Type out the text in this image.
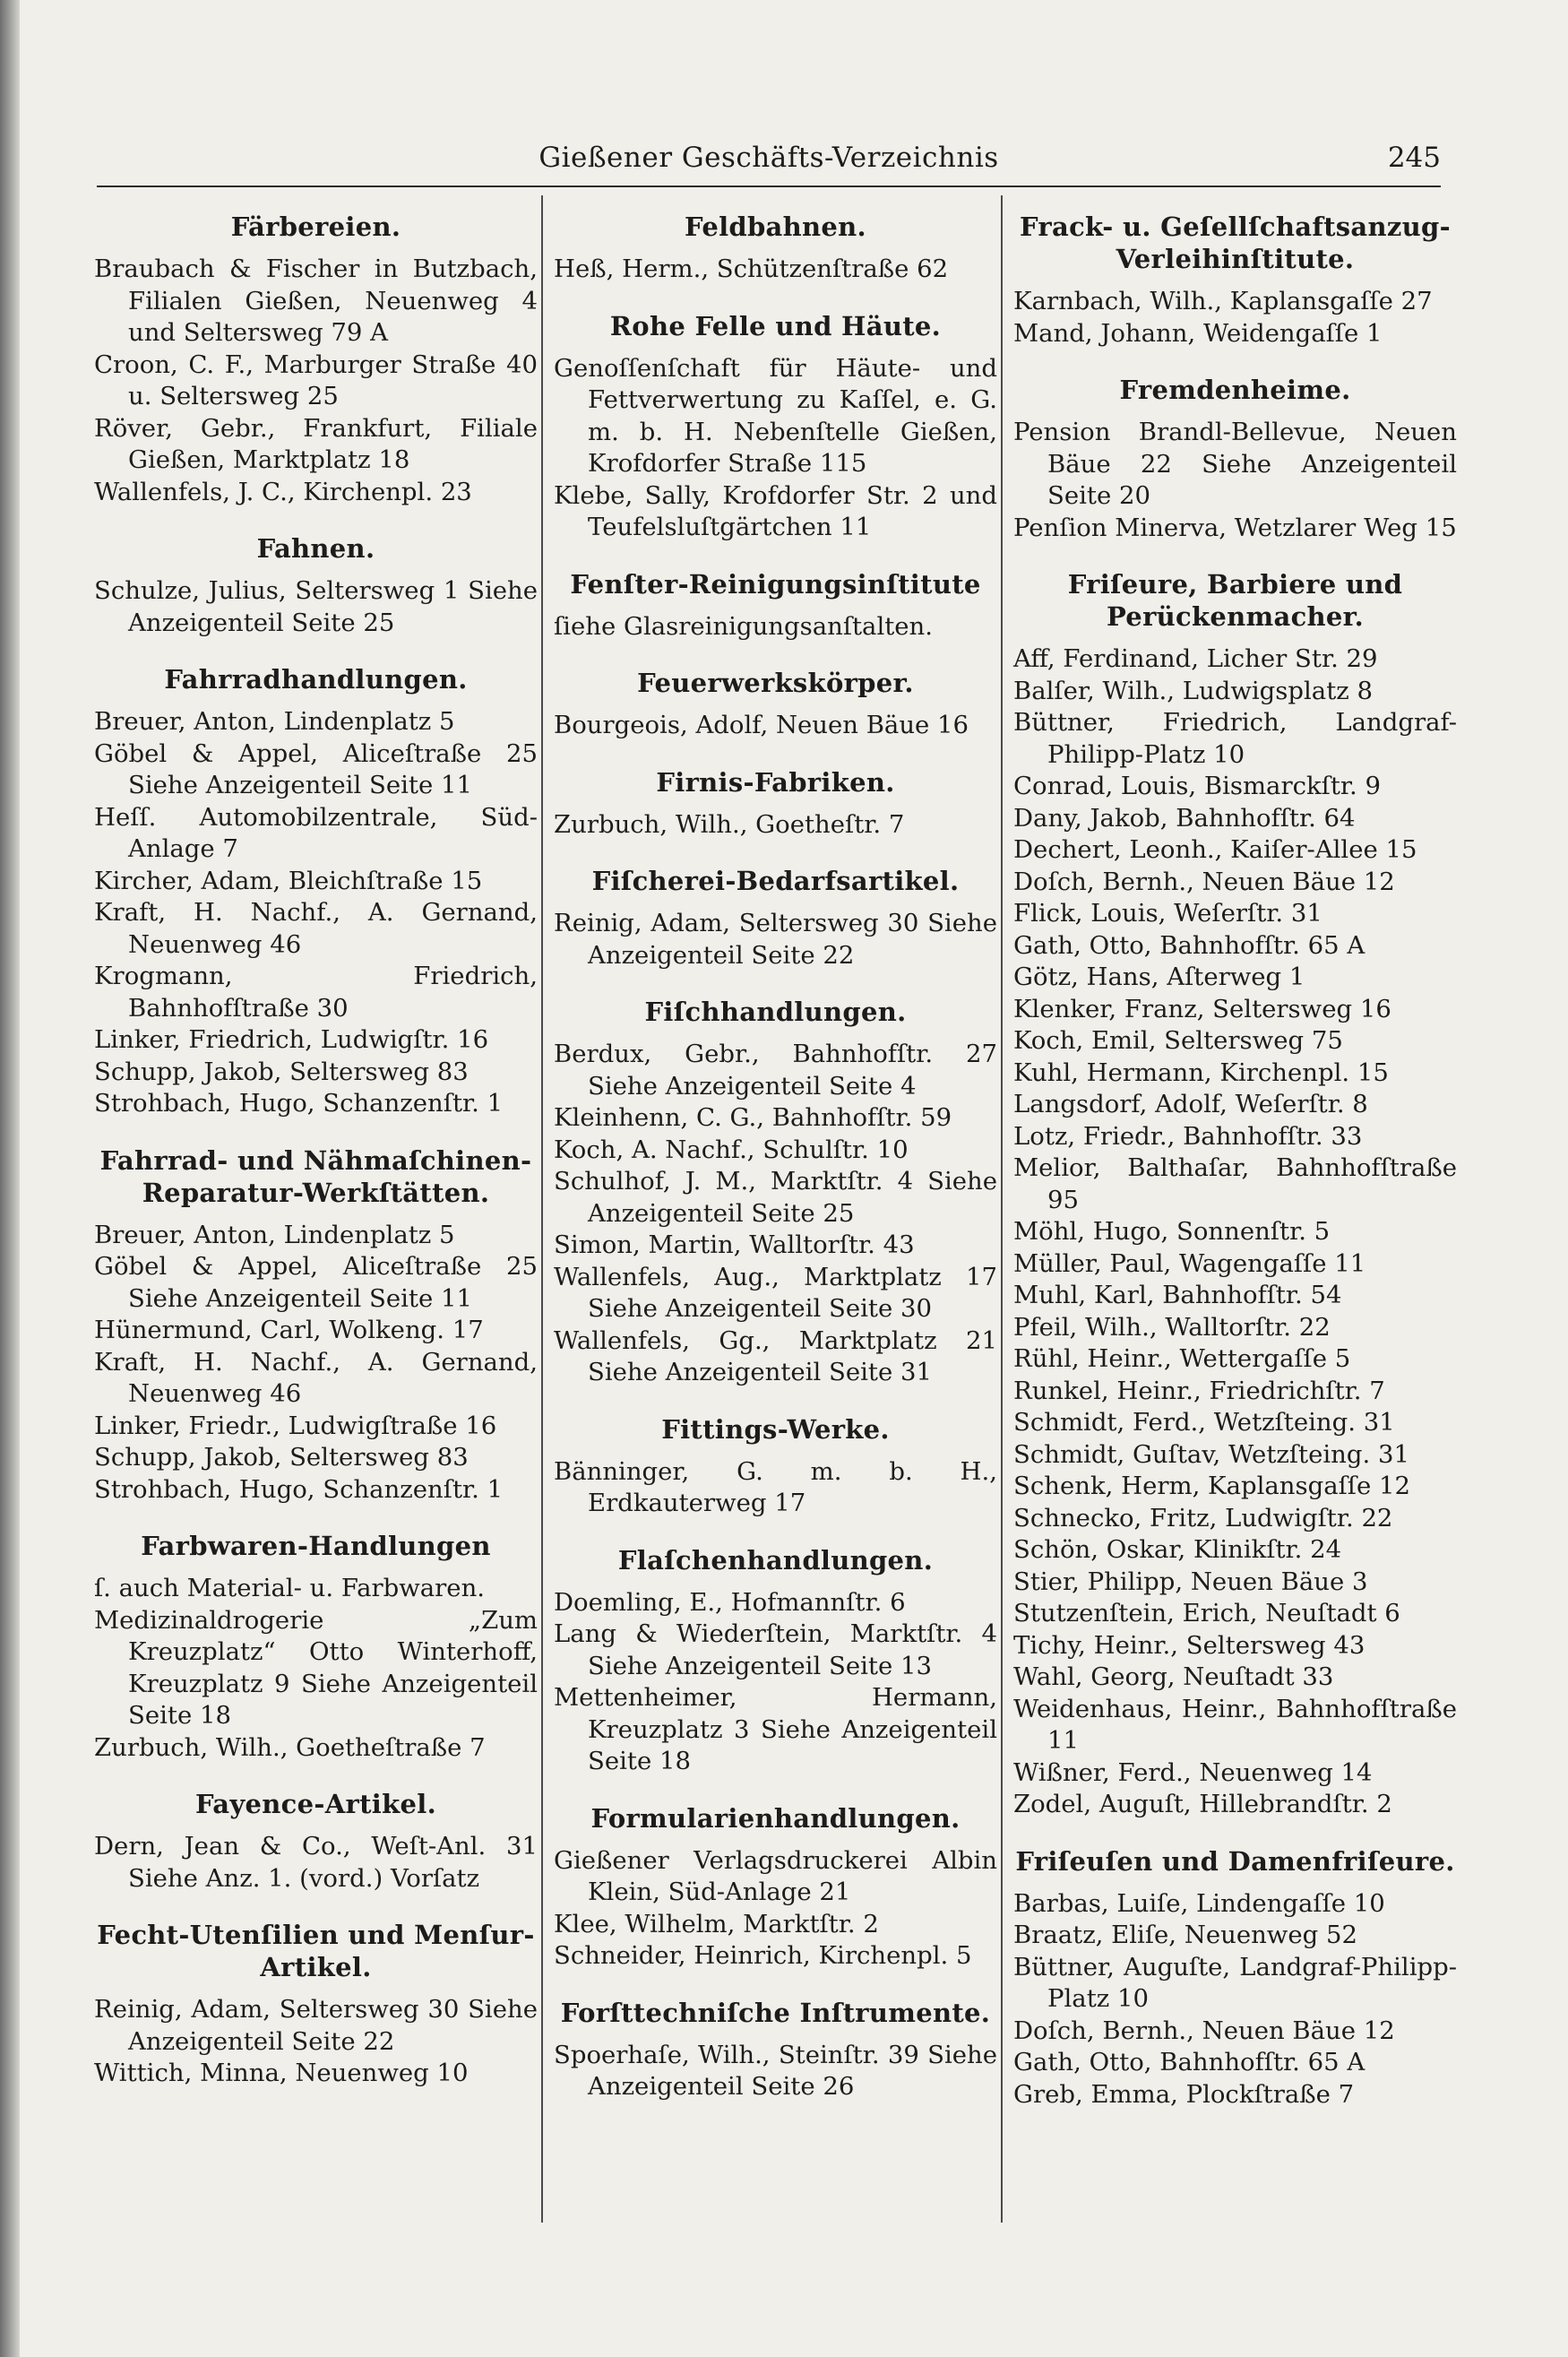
Gießener Geschäfts-Verzeichnis	245
Färbereien.

Braubach & Fischer in Butzbach, Filialen Gießen, Neuenweg 4 und Seltersweg 79 A

Croon, C. F., Marburger Straße 40 u. Seltersweg 25

Röver, Gebr., Frankfurt, Filiale Gießen, Marktplatz 18

Wallenfels, J. C., Kirchenpl. 23

Fahnen.

Schulze, Julius, Seltersweg 1 Siehe Anzeigenteil Seite 25

Fahrradhandlungen.

Breuer, Anton, Lindenplatz 5

Göbel & Appel, Aliceſtraße 25 Siehe Anzeigenteil Seite 11

Heſſ. Automobilzentrale, Süd-Anlage 7

Kircher, Adam, Bleichſtraße 15

Kraft, H. Nachf., A. Gernand, Neuenweg 46

Krogmann, Friedrich, Bahnhofſtraße 30

Linker, Friedrich, Ludwigſtr. 16

Schupp, Jakob, Seltersweg 83

Strohbach, Hugo, Schanzenſtr. 1

Fahrrad- und Nähmaſchinen-Reparatur-Werkſtätten.

Breuer, Anton, Lindenplatz 5

Göbel & Appel, Aliceſtraße 25 Siehe Anzeigenteil Seite 11

Hünermund, Carl, Wolkeng. 17

Kraft, H. Nachf., A. Gernand, Neuenweg 46

Linker, Friedr., Ludwigſtraße 16

Schupp, Jakob, Seltersweg 83

Strohbach, Hugo, Schanzenſtr. 1

Farbwaren-Handlungen

ſ. auch Material- u. Farbwaren.

Medizinaldrogerie „Zum Kreuzplatz“ Otto Winterhoff, Kreuzplatz 9 Siehe Anzeigenteil Seite 18

Zurbuch, Wilh., Goetheſtraße 7

Fayence-Artikel.

Dern, Jean & Co., Weſt-Anl. 31 Siehe Anz. 1. (vord.) Vorſatz

Fecht-Utenſilien und Menſur-Artikel.

Reinig, Adam, Seltersweg 30 Siehe Anzeigenteil Seite 22

Wittich, Minna, Neuenweg 10

Feldbahnen.

Heß, Herm., Schützenſtraße 62

Rohe Felle und Häute.

Genoſſenſchaft für Häute- und Fettverwertung zu Kaſſel, e. G. m. b. H. Nebenſtelle Gießen, Krofdorfer Straße 115

Klebe, Sally, Krofdorfer Str. 2 und Teufelsluſtgärtchen 11

Fenſter-Reinigungsinſtitute

ſiehe Glasreinigungsanſtalten.

Feuerwerkskörper.

Bourgeois, Adolf, Neuen Bäue 16

Firnis-Fabriken.

Zurbuch, Wilh., Goetheſtr. 7

Fiſcherei-Bedarfsartikel.

Reinig, Adam, Seltersweg 30 Siehe Anzeigenteil Seite 22

Fiſchhandlungen.

Berdux, Gebr., Bahnhofſtr. 27 Siehe Anzeigenteil Seite 4

Kleinhenn, C. G., Bahnhofſtr. 59

Koch, A. Nachf., Schulſtr. 10

Schulhof, J. M., Marktſtr. 4 Siehe Anzeigenteil Seite 25

Simon, Martin, Walltorſtr. 43

Wallenfels, Aug., Marktplatz 17 Siehe Anzeigenteil Seite 30

Wallenfels, Gg., Marktplatz 21 Siehe Anzeigenteil Seite 31

Fittings-Werke.

Bänninger, G. m. b. H., Erdkauterweg 17

Flaſchenhandlungen.

Doemling, E., Hofmannſtr. 6

Lang & Wiederſtein, Marktſtr. 4 Siehe Anzeigenteil Seite 13

Mettenheimer, Hermann, Kreuzplatz 3 Siehe Anzeigenteil Seite 18

Formularienhandlungen.

Gießener Verlagsdruckerei Albin Klein, Süd-Anlage 21

Klee, Wilhelm, Marktſtr. 2

Schneider, Heinrich, Kirchenpl. 5

Forſttechniſche Inſtrumente.

Spoerhaſe, Wilh., Steinſtr. 39 Siehe Anzeigenteil Seite 26

Frack- u. Geſellſchaftsanzug-Verleihinſtitute.

Karnbach, Wilh., Kaplansgaſſe 27

Mand, Johann, Weidengaſſe 1

Fremdenheime.

Pension Brandl-Bellevue, Neuen Bäue 22 Siehe Anzeigenteil Seite 20

Penſion Minerva, Wetzlarer Weg 15

Friſeure, Barbiere und Perückenmacher.

Aff, Ferdinand, Licher Str. 29

Balſer, Wilh., Ludwigsplatz 8

Büttner, Friedrich, Landgraf-Philipp-Platz 10

Conrad, Louis, Bismarckſtr. 9

Dany, Jakob, Bahnhofſtr. 64

Dechert, Leonh., Kaiſer-Allee 15

Doſch, Bernh., Neuen Bäue 12

Flick, Louis, Weſerſtr. 31

Gath, Otto, Bahnhofſtr. 65 A

Götz, Hans, Aſterweg 1

Klenker, Franz, Seltersweg 16

Koch, Emil, Seltersweg 75

Kuhl, Hermann, Kirchenpl. 15

Langsdorf, Adolf, Weſerſtr. 8

Lotz, Friedr., Bahnhofſtr. 33

Melior, Balthaſar, Bahnhofſtraße 95

Möhl, Hugo, Sonnenſtr. 5

Müller, Paul, Wagengaſſe 11

Muhl, Karl, Bahnhofſtr. 54

Pfeil, Wilh., Walltorſtr. 22

Rühl, Heinr., Wettergaſſe 5

Runkel, Heinr., Friedrichſtr. 7

Schmidt, Ferd., Wetzſteing. 31

Schmidt, Guſtav, Wetzſteing. 31

Schenk, Herm, Kaplansgaſſe 12

Schnecko, Fritz, Ludwigſtr. 22

Schön, Oskar, Klinikſtr. 24

Stier, Philipp, Neuen Bäue 3

Stutzenſtein, Erich, Neuſtadt 6

Tichy, Heinr., Seltersweg 43

Wahl, Georg, Neuſtadt 33

Weidenhaus, Heinr., Bahnhofſtraße 11

Wißner, Ferd., Neuenweg 14

Zodel, Auguſt, Hillebrandſtr. 2

Friſeuſen und Damenfriſeure.

Barbas, Luiſe, Lindengaſſe 10

Braatz, Eliſe, Neuenweg 52

Büttner, Auguſte, Landgraf-Philipp-Platz 10

Doſch, Bernh., Neuen Bäue 12

Gath, Otto, Bahnhofſtr. 65 A

Greb, Emma, Plockſtraße 7
